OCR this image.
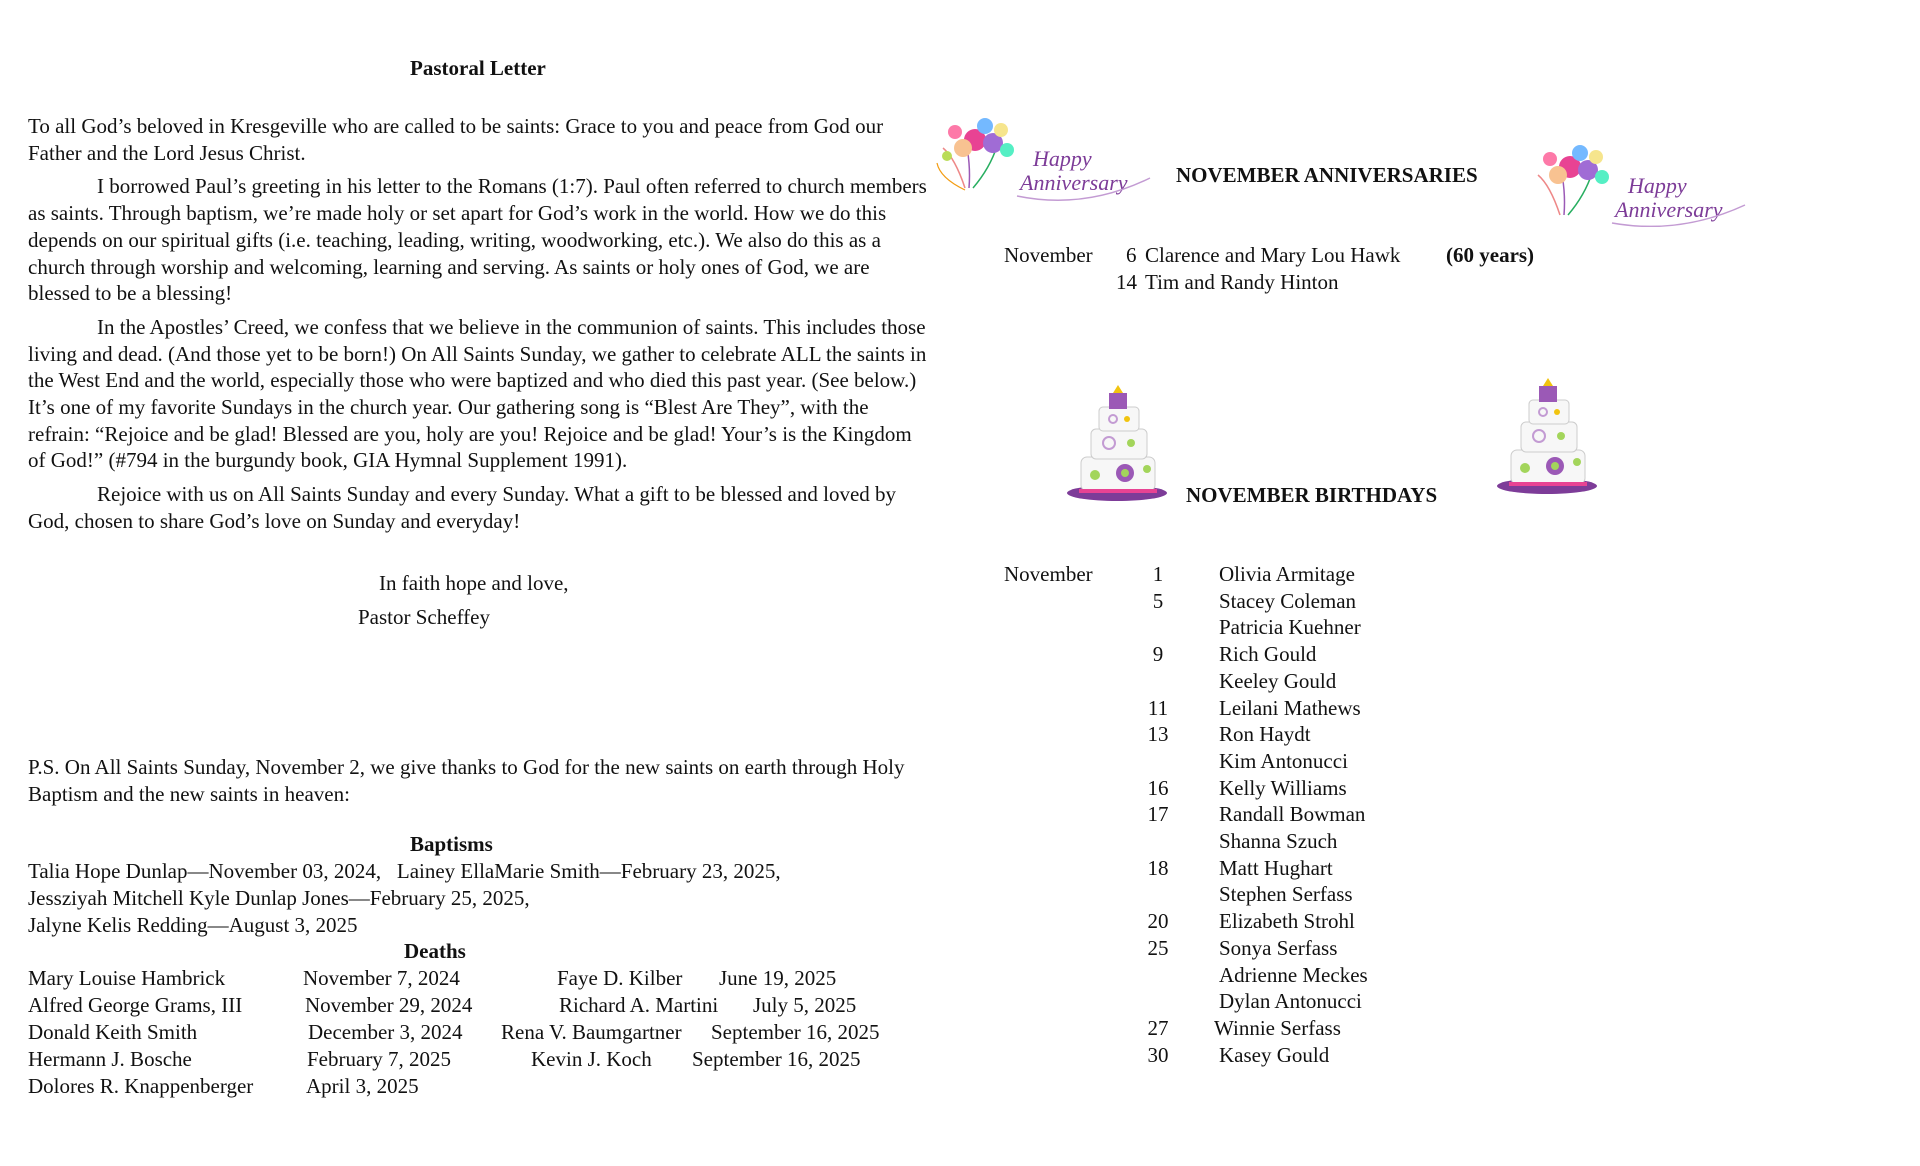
Pastoral Letter

To all God’s beloved in Kresgeville who are called to be saints: Grace to you and peace from God our Father and the Lord Jesus Christ.

I borrowed Paul’s greeting in his letter to the Romans (1:7). Paul often referred to church members as saints. Through baptism, we’re made holy or set apart for God’s work in the world. How we do this depends on our spiritual gifts (i.e. teaching, leading, writing, woodworking, etc.). We also do this as a church through worship and welcoming, learning and serving. As saints or holy ones of God, we are blessed to be a blessing!

In the Apostles’ Creed, we confess that we believe in the communion of saints. This includes those living and dead. (And those yet to be born!) On All Saints Sunday, we gather to celebrate ALL the saints in the West End and the world, especially those who were baptized and who died this past year. (See below.) It’s one of my favorite Sundays in the church year. Our gathering song is “Blest Are They”, with the refrain: “Rejoice and be glad! Blessed are you, holy are you! Rejoice and be glad! Your’s is the Kingdom of God!” (#794 in the burgundy book, GIA Hymnal Supplement 1991).

Rejoice with us on All Saints Sunday and every Sunday. What a gift to be blessed and loved by God, chosen to share God’s love on Sunday and everyday!

In faith hope and love,
Pastor Scheffey
P.S. On All Saints Sunday, November 2, we give thanks to God for the new saints on earth through Holy Baptism and the new saints in heaven:
Baptisms
Talia Hope Dunlap—November 03, 2024,   Lainey EllaMarie Smith—February 23, 2025,
Jessziyah Mitchell Kyle Dunlap Jones—February 25, 2025,
Jalyne Kelis Redding—August 3, 2025
Deaths
Mary Louise Hambrick	November 7, 2024	Faye D. Kilber June 19, 2025
Alfred George Grams, III	November 29, 2024	Richard A. Martini July 5, 2025
Donald Keith Smith	December 3, 2024 Rena V. Baumgartner September 16, 2025
Hermann J. Bosche	February 7, 2025	Kevin J. Koch September 16, 2025
Dolores R. Knappenberger	April 3, 2025
Happy
Anniversary NOVEMBER ANNIVERSARIES	Happy
Anniversary
November 6 Clarence and Mary Lou Hawk (60 years)
14 Tim and Randy Hinton
NOVEMBER BIRTHDAYS
November	1	Olivia Armitage
5	Stacey Coleman
Patricia Kuehner
9	Rich Gould
Keeley Gould
11	Leilani Mathews
13	Ron Haydt
Kim Antonucci
16	Kelly Williams
17	Randall Bowman
Shanna Szuch
18	Matt Hughart
Stephen Serfass
20	Elizabeth Strohl
25	Sonya Serfass
Adrienne Meckes
Dylan Antonucci
27	Winnie Serfass
30	Kasey Gould
